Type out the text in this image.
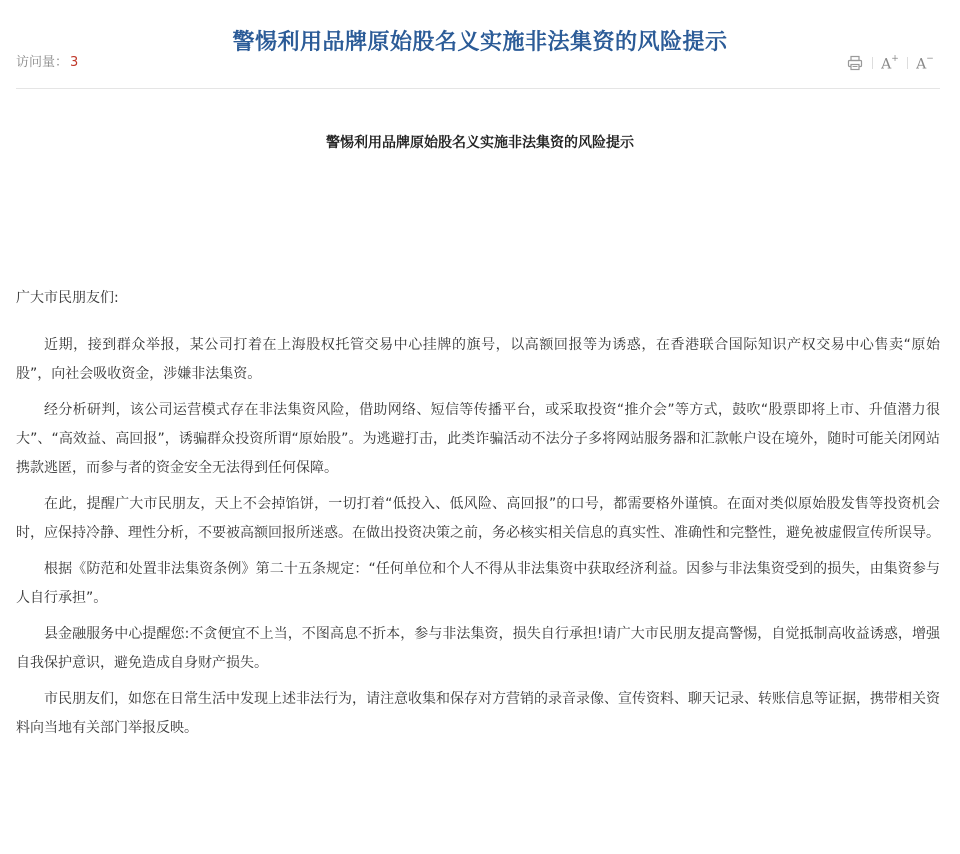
警惕利用品牌原始股名义实施非法集资的风险提示
访问量： 3	A+ A−
警惕利用品牌原始股名义实施非法集资的风险提示

广大市民朋友们:

近期，接到群众举报，某公司打着在上海股权托管交易中心挂牌的旗号，以高额回报等为诱惑，在香港联合国际知识产权交易中心售卖“原始股”，向社会吸收资金，涉嫌非法集资。

经分析研判，该公司运营模式存在非法集资风险，借助网络、短信等传播平台，或采取投资“推介会”等方式，鼓吹“股票即将上市、升值潜力很大”、“高效益、高回报”，诱骗群众投资所谓“原始股”。为逃避打击，此类诈骗活动不法分子多将网站服务器和汇款帐户设在境外，随时可能关闭网站携款逃匿，而参与者的资金安全无法得到任何保障。

在此，提醒广大市民朋友，天上不会掉馅饼，一切打着“低投入、低风险、高回报”的口号，都需要格外谨慎。在面对类似原始股发售等投资机会时，应保持冷静、理性分析，不要被高额回报所迷惑。在做出投资决策之前，务必核实相关信息的真实性、准确性和完整性，避免被虚假宣传所误导。

根据《防范和处置非法集资条例》第二十五条规定：“任何单位和个人不得从非法集资中获取经济利益。因参与非法集资受到的损失，由集资参与人自行承担”。

县金融服务中心提醒您:不贪便宜不上当，不图高息不折本，参与非法集资，损失自行承担!请广大市民朋友提高警惕，自觉抵制高收益诱惑，增强自我保护意识，避免造成自身财产损失。

市民朋友们，如您在日常生活中发现上述非法行为，请注意收集和保存对方营销的录音录像、宣传资料、聊天记录、转账信息等证据，携带相关资料向当地有关部门举报反映。
